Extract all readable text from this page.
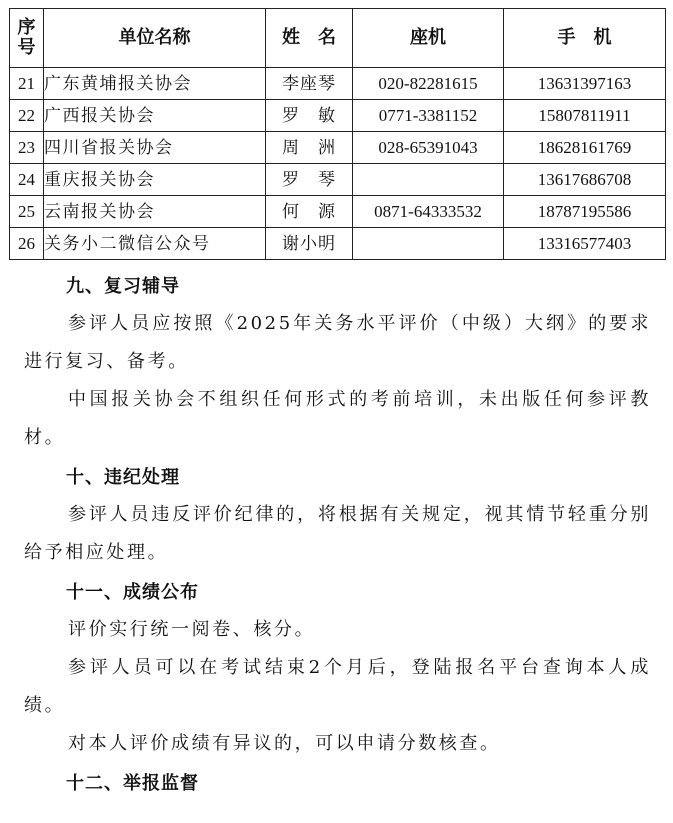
序
号	单位名称	姓　名	座机	手　机
21	广东黄埔报关协会	李座琴	020-82281615	13631397163
22	广西报关协会	罗　敏	0771-3381152	15807811911
23	四川省报关协会	周　洲	028-65391043	18628161769
24	重庆报关协会	罗　琴		13617686708
25	云南报关协会	何　源	0871-64333532	18787195586
26	关务小二微信公众号	谢小明		13316577403
九、复习辅导

参评人员应按照《2025年关务水平评价（中级）大纲》的要求进行复习、备考。

中国报关协会不组织任何形式的考前培训，未出版任何参评教材。

十、违纪处理

参评人员违反评价纪律的，将根据有关规定，视其情节轻重分别给予相应处理。

十一、成绩公布

评价实行统一阅卷、核分。

参评人员可以在考试结束2个月后，登陆报名平台查询本人成绩。

对本人评价成绩有异议的，可以申请分数核查。

十二、举报监督
